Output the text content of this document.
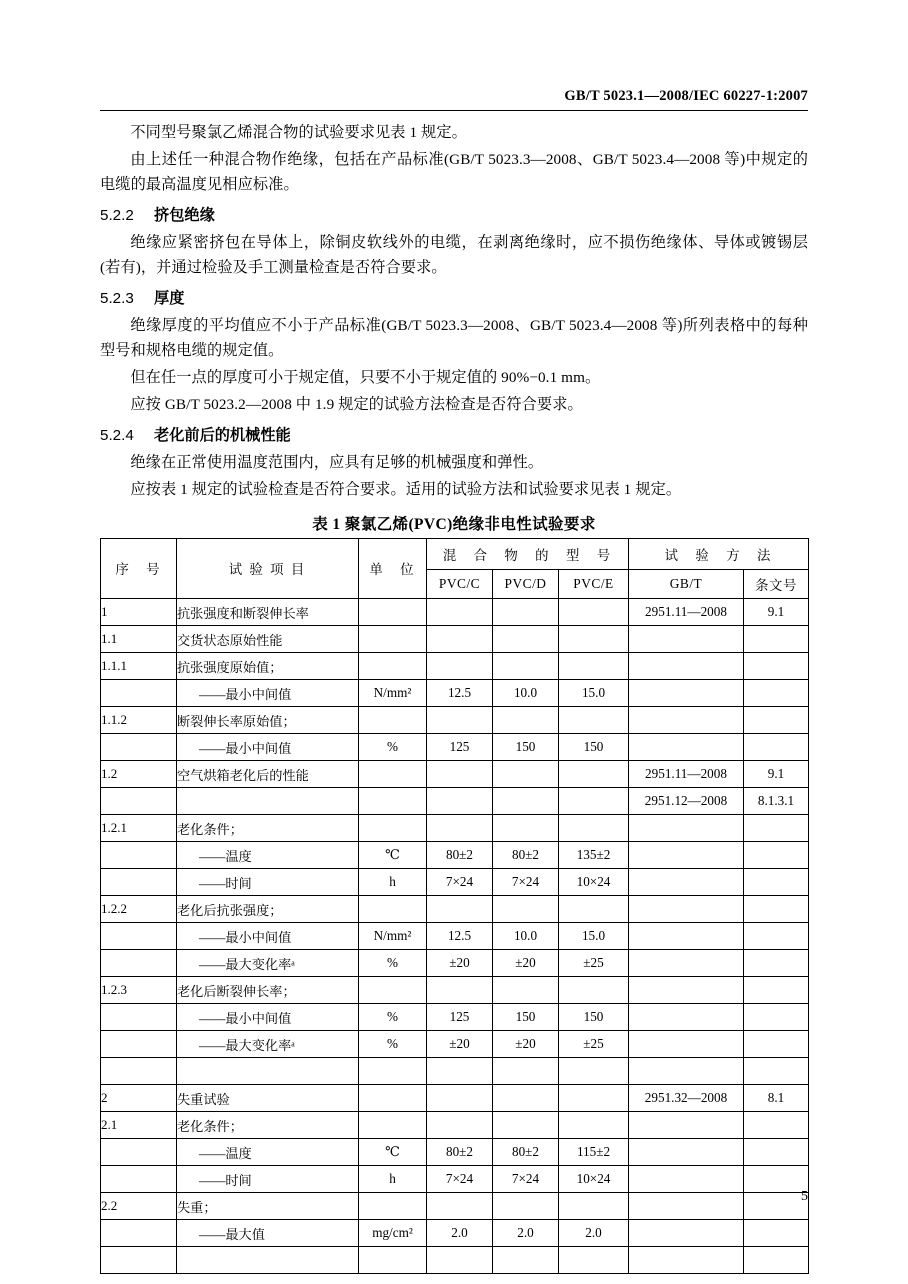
GB/T 5023.1—2008/IEC 60227-1:2007

不同型号聚氯乙烯混合物的试验要求见表 1 规定。

由上述任一种混合物作绝缘，包括在产品标准(GB/T 5023.3—2008、GB/T 5023.4—2008 等)中规定的电缆的最高温度见相应标准。

5.2.2 挤包绝缘

绝缘应紧密挤包在导体上，除铜皮软线外的电缆，在剥离绝缘时，应不损伤绝缘体、导体或镀锡层(若有)，并通过检验及手工测量检查是否符合要求。

5.2.3 厚度

绝缘厚度的平均值应不小于产品标准(GB/T 5023.3—2008、GB/T 5023.4—2008 等)所列表格中的每种型号和规格电缆的规定值。

但在任一点的厚度可小于规定值，只要不小于规定值的 90%−0.1 mm。

应按 GB/T 5023.2—2008 中 1.9 规定的试验方法检查是否符合要求。

5.2.4 老化前后的机械性能

绝缘在正常使用温度范围内，应具有足够的机械强度和弹性。

应按表 1 规定的试验检查是否符合要求。适用的试验方法和试验要求见表 1 规定。

表 1 聚氯乙烯(PVC)绝缘非电性试验要求
序　号	试 验 项 目	单　位	混　合　物　的　型　号			试　验　方　法	
			PVC/C	PVC/D	PVC/E	GB/T	条文号
1	抗张强度和断裂伸长率					2951.11—2008	9.1
1.1	交货状态原始性能						
1.1.1	抗张强度原始值；						
	——最小中间值	N/mm²	12.5	10.0	15.0		
1.1.2	断裂伸长率原始值；						
	——最小中间值	%	125	150	150		
1.2	空气烘箱老化后的性能					2951.11—2008	9.1
						2951.12—2008	8.1.3.1
1.2.1	老化条件；						
	——温度	℃	80±2	80±2	135±2		
	——时间	h	7×24	7×24	10×24		
1.2.2	老化后抗张强度；						
	——最小中间值	N/mm²	12.5	10.0	15.0		
	——最大变化率ᵃ	%	±20	±20	±25		
1.2.3	老化后断裂伸长率；						
	——最小中间值	%	125	150	150		
	——最大变化率ᵃ	%	±20	±20	±25		

2	失重试验					2951.32—2008	8.1
2.1	老化条件；						
	——温度	℃	80±2	80±2	115±2		
	——时间	h	7×24	7×24	10×24		
2.2	失重；						
	——最大值	mg/cm²	2.0	2.0	2.0		

5
